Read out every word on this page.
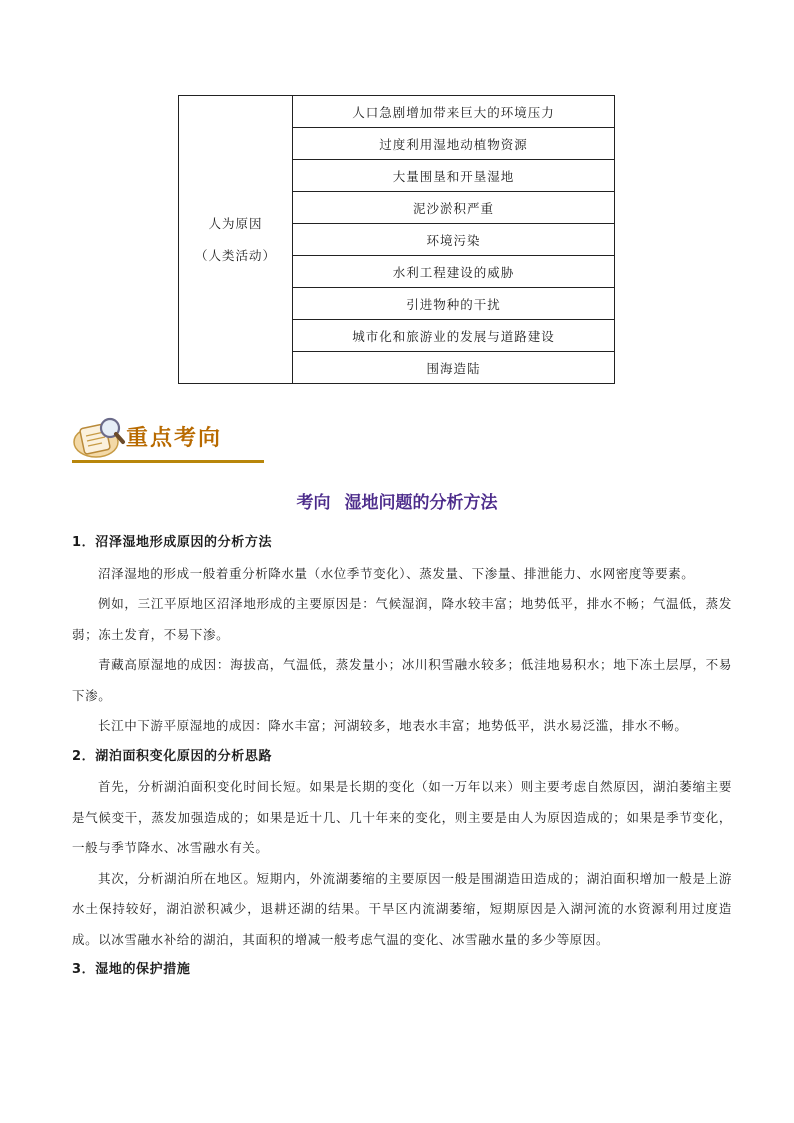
人为原因
（人类活动）
	人口急剧增加带来巨大的环境压力
过度利用湿地动植物资源
大量围垦和开垦湿地
泥沙淤积严重
环境污染
水利工程建设的威胁
引进物种的干扰
城市化和旅游业的发展与道路建设
围海造陆
重点考向
考向 湿地问题的分析方法
1．沼泽湿地形成原因的分析方法

沼泽湿地的形成一般着重分析降水量（水位季节变化）、蒸发量、下渗量、排泄能力、水网密度等要素。

例如，三江平原地区沼泽地形成的主要原因是：气候湿润，降水较丰富；地势低平，排水不畅；气温低，蒸发弱；冻土发育，不易下渗。

青藏高原湿地的成因：海拔高，气温低，蒸发量小；冰川积雪融水较多；低洼地易积水；地下冻土层厚，不易下渗。

长江中下游平原湿地的成因：降水丰富；河湖较多，地表水丰富；地势低平，洪水易泛滥，排水不畅。

2．湖泊面积变化原因的分析思路

首先，分析湖泊面积变化时间长短。如果是长期的变化（如一万年以来）则主要考虑自然原因，湖泊萎缩主要是气候变干，蒸发加强造成的；如果是近十几、几十年来的变化，则主要是由人为原因造成的；如果是季节变化，一般与季节降水、冰雪融水有关。

其次，分析湖泊所在地区。短期内，外流湖萎缩的主要原因一般是围湖造田造成的；湖泊面积增加一般是上游水土保持较好，湖泊淤积减少，退耕还湖的结果。干旱区内流湖萎缩，短期原因是入湖河流的水资源利用过度造成。以冰雪融水补给的湖泊，其面积的增减一般考虑气温的变化、冰雪融水量的多少等原因。

3．湿地的保护措施
